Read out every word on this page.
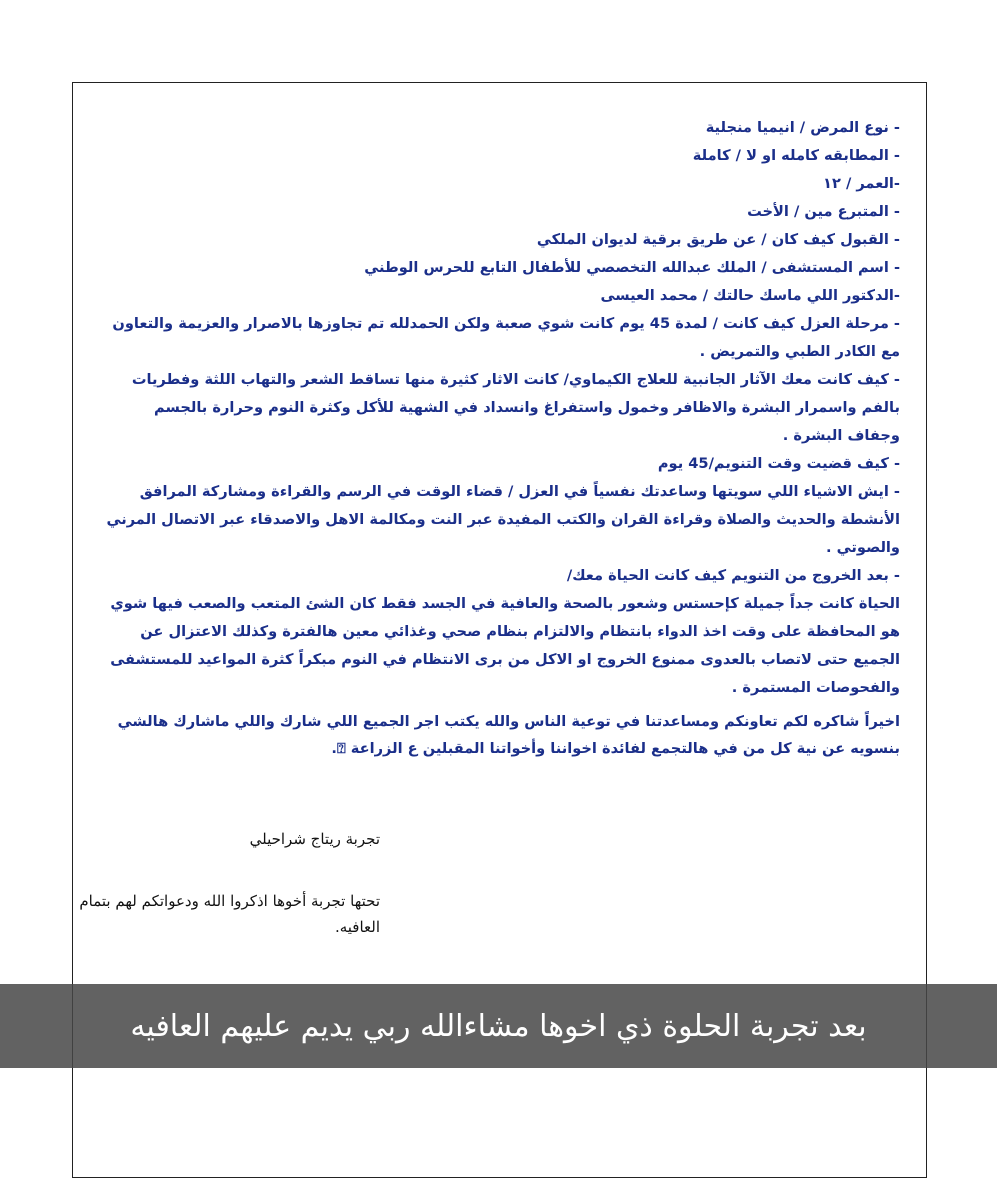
- نوع المرض / انيميا منجلية

- المطابقه كامله او لا / كاملة

-العمر / ١٢

- المتبرع مين / الأخت

- القبول كيف كان / عن طريق برقية لديوان الملكي

- اسم المستشفى / الملك عبدالله التخصصي للأطفال التابع للحرس الوطني

-الدكتور اللي ماسك حالتك / محمد العيسى

- مرحلة العزل كيف كانت / لمدة 45 يوم كانت شوي صعبة ولكن الحمدلله تم تجاوزها بالاصرار والعزيمة والتعاون مع الكادر الطبي والتمريض .

- كيف كانت معك الآثار الجانبية للعلاج الكيماوي/ كانت الاثار كثيرة منها تساقط الشعر والتهاب اللثة وفطريات بالفم واسمرار البشرة والاظافر وخمول واستفراغ وانسداد في الشهية للأكل وكثرة النوم وحرارة بالجسم وجفاف البشرة .

- كيف قضيت وقت التنويم/45 يوم

- ايش الاشياء اللي سويتها وساعدتك نفسياً في العزل / قضاء الوقت في الرسم والقراءة ومشاركة المرافق الأنشطة والحديث والصلاة وقراءة القران والكتب المفيدة عبر النت ومكالمة الاهل والاصدقاء عبر الاتصال المرني والصوتي .

- بعد الخروج من التنويم كيف كانت الحياة معك/

الحياة كانت جداً جميلة كإحستس وشعور بالصحة والعافية في الجسد فقط كان الشئ المتعب والصعب فيها شوي هو المحافظة على وقت اخذ الدواء بانتظام والالتزام بنظام صحي وغذائي معين هالفترة وكذلك الاعتزال عن الجميع حتى لاتصاب بالعدوى ممنوع الخروج او الاكل من برى الانتظام في النوم مبكراً كثرة المواعيد للمستشفى والفحوصات المستمرة .

اخيراً شاكره لكم تعاونكم ومساعدتنا في توعية الناس والله يكتب اجر الجميع اللي شارك واللي ماشارك هالشي بنسويه عن نية كل من في هالتجمع لفائدة اخواننا وأخواتنا المقبلين ع الزراعة ⍰.

تجربة ريتاج شراحيلي

تحتها تجربة أخوها اذكروا الله ودعواتكم لهم بتمام العافيه.

بعد تجربة الحلوة ذي اخوها مشاءالله ربي يديم عليهم العافيه
